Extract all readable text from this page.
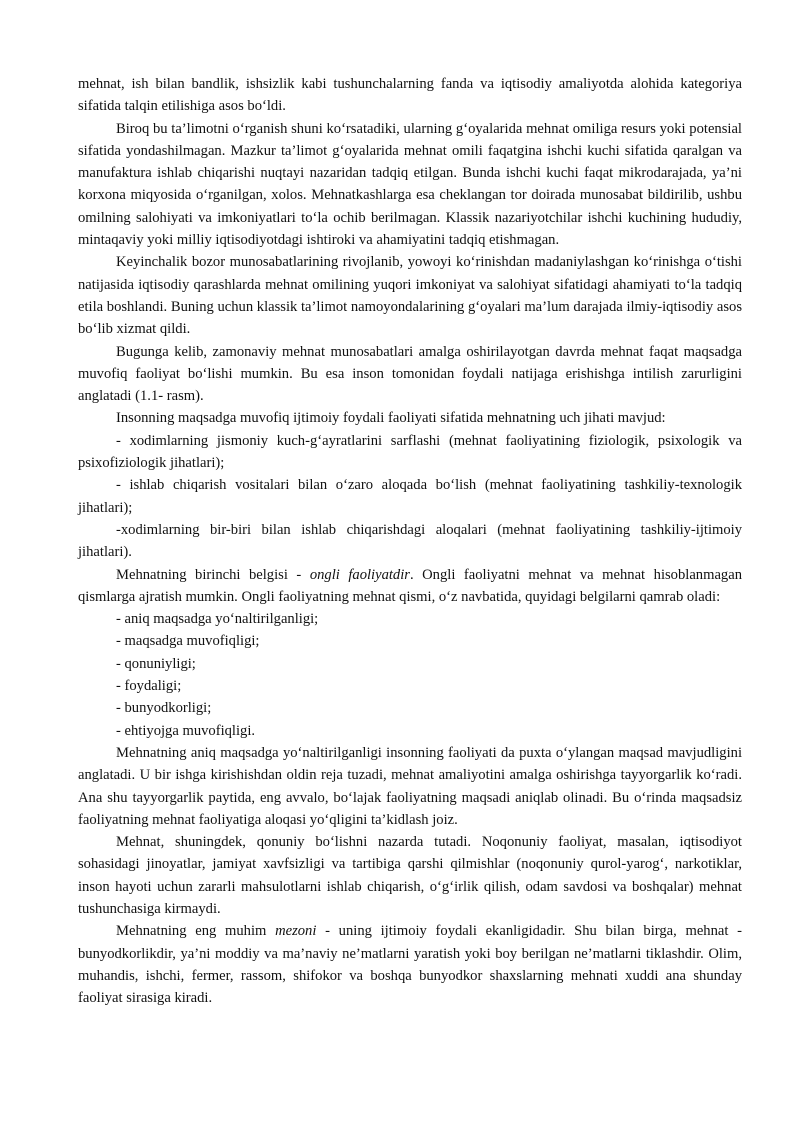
mehnat, ish bilan bandlik, ishsizlik kabi tushunchalarning fanda va iqtisodiy amaliyotda alohida kategoriya sifatida talqin etilishiga asos bo‘ldi.

Biroq bu ta’limotni o‘rganish shuni ko‘rsatadiki, ularning g‘oyalarida mehnat omiliga resurs yoki potensial sifatida yondashilmagan. Mazkur ta’limot g‘oyalarida mehnat omili faqatgina ishchi kuchi sifatida qaralgan va manufaktura ishlab chiqarishi nuqtayi nazaridan tadqiq etilgan. Bunda ishchi kuchi faqat mikrodarajada, ya’ni korxona miqyosida o‘rganilgan, xolos. Mehnatkashlarga esa cheklangan tor doirada munosabat bildirilib, ushbu omilning salohiyati va imkoniyatlari to‘la ochib berilmagan. Klassik nazariyotchilar ishchi kuchining hududiy, mintaqaviy yoki milliy iqtisodiyotdagi ishtiroki va ahamiyatini tadqiq etishmagan.

Keyinchalik bozor munosabatlarining rivojlanib, yowoyi ko‘rinishdan madaniylashgan ko‘rinishga o‘tishi natijasida iqtisodiy qarashlarda mehnat omilining yuqori imkoniyat va salohiyat sifatidagi ahamiyati to‘la tadqiq etila boshlandi. Buning uchun klassik ta’limot namoyondalarining g‘oyalari ma’lum darajada ilmiy-iqtisodiy asos bo‘lib xizmat qildi.

Bugunga kelib, zamonaviy mehnat munosabatlari amalga oshirilayotgan davrda mehnat faqat maqsadga muvofiq faoliyat bo‘lishi mumkin. Bu esa inson tomonidan foydali natijaga erishishga intilish zarurligini anglatadi (1.1- rasm).

Insonning maqsadga muvofiq ijtimoiy foydali faoliyati sifatida mehnatning uch jihati mavjud:

- xodimlarning jismoniy kuch-g‘ayratlarini sarflashi (mehnat faoliyatining fiziologik, psixologik va psixofiziologik jihatlari);

- ishlab chiqarish vositalari bilan o‘zaro aloqada bo‘lish (mehnat faoliyatining tashkiliy-texnologik jihatlari);

-xodimlarning bir-biri bilan ishlab chiqarishdagi aloqalari (mehnat faoliyatining tashkiliy-ijtimoiy jihatlari).

Mehnatning birinchi belgisi - ongli faoliyatdir. Ongli faoliyatni mehnat va mehnat hisoblanmagan qismlarga ajratish mumkin. Ongli faoliyatning mehnat qismi, o‘z navbatida, quyidagi belgilarni qamrab oladi:

- aniq maqsadga yo‘naltirilganligi;

- maqsadga muvofiqligi;

- qonuniyligi;

- foydaligi;

- bunyodkorligi;

- ehtiyojga muvofiqligi.

Mehnatning aniq maqsadga yo‘naltirilganligi insonning faoliyati da puxta o‘ylangan maqsad mavjudligini anglatadi. U bir ishga kirishishdan oldin reja tuzadi, mehnat amaliyotini amalga oshirishga tayyorgarlik ko‘radi. Ana shu tayyorgarlik paytida, eng avvalo, bo‘lajak faoliyatning maqsadi aniqlab olinadi. Bu o‘rinda maqsadsiz faoliyatning mehnat faoliyatiga aloqasi yo‘qligini ta’kidlash joiz.

Mehnat, shuningdek, qonuniy bo‘lishni nazarda tutadi. Noqonuniy faoliyat, masalan, iqtisodiyot sohasidagi jinoyatlar, jamiyat xavfsizligi va tartibiga qarshi qilmishlar (noqonuniy qurol-yarog‘, narkotiklar, inson hayoti uchun zararli mahsulotlarni ishlab chiqarish, o‘g‘irlik qilish, odam savdosi va boshqalar) mehnat tushunchasiga kirmaydi.

Mehnatning eng muhim mezoni - uning ijtimoiy foydali ekanligidadir. Shu bilan birga, mehnat - bunyodkorlikdir, ya’ni moddiy va ma’naviy ne’matlarni yaratish yoki boy berilgan ne’matlarni tiklashdir. Olim, muhandis, ishchi, fermer, rassom, shifokor va boshqa bunyodkor shaxslarning mehnati xuddi ana shunday faoliyat sirasiga kiradi.
